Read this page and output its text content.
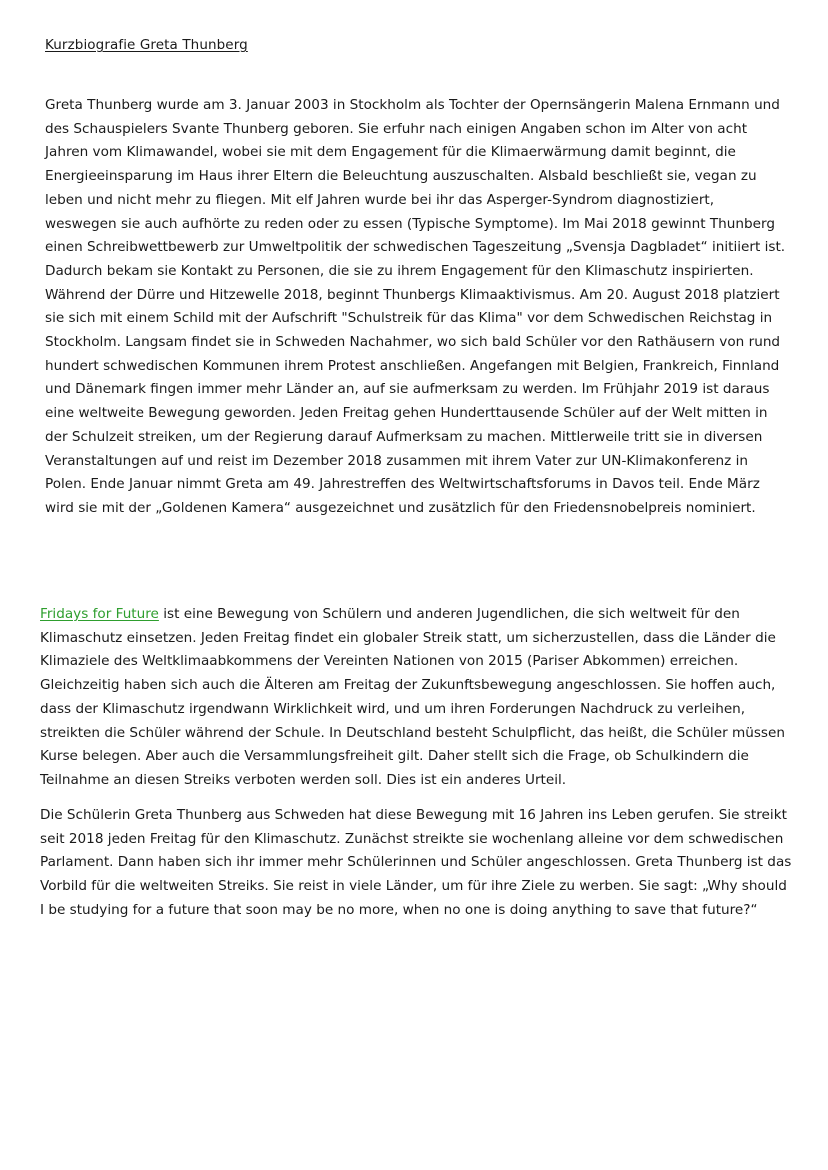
Kurzbiografie Greta Thunberg

Greta Thunberg wurde am 3. Januar 2003 in Stockholm als Tochter der Opernsängerin Malena Ernmann und des Schauspielers Svante Thunberg geboren. Sie erfuhr nach einigen Angaben schon im Alter von acht Jahren vom Klimawandel, wobei sie mit dem Engagement für die Klimaerwärmung damit beginnt, die Energieeinsparung im Haus ihrer Eltern die Beleuchtung auszuschalten. Alsbald beschließt sie, vegan zu leben und nicht mehr zu fliegen. Mit elf Jahren wurde bei ihr das Asperger-Syndrom diagnostiziert, weswegen sie auch aufhörte zu reden oder zu essen (Typische Symptome). Im Mai 2018 gewinnt Thunberg einen Schreibwettbewerb zur Umweltpolitik der schwedischen Tageszeitung „Svensja Dagbladet“ initiiert ist. Dadurch bekam sie Kontakt zu Personen, die sie zu ihrem Engagement für den Klimaschutz inspirierten. Während der Dürre und Hitzewelle 2018, beginnt Thunbergs Klimaaktivismus. Am 20. August 2018 platziert sie sich mit einem Schild mit der Aufschrift "Schulstreik für das Klima" vor dem Schwedischen Reichstag in Stockholm. Langsam findet sie in Schweden Nachahmer, wo sich bald Schüler vor den Rathäusern von rund hundert schwedischen Kommunen ihrem Protest anschließen. Angefangen mit Belgien, Frankreich, Finnland und Dänemark fingen immer mehr Länder an, auf sie aufmerksam zu werden. Im Frühjahr 2019 ist daraus eine weltweite Bewegung geworden. Jeden Freitag gehen Hunderttausende Schüler auf der Welt mitten in der Schulzeit streiken, um der Regierung darauf Aufmerksam zu machen. Mittlerweile tritt sie in diversen Veranstaltungen auf und reist im Dezember 2018 zusammen mit ihrem Vater zur UN-Klimakonferenz in Polen. Ende Januar nimmt Greta am 49. Jahrestreffen des Weltwirtschaftsforums in Davos teil. Ende März wird sie mit der „Goldenen Kamera“ ausgezeichnet und zusätzlich für den Friedensnobelpreis nominiert.

Fridays for Future ist eine Bewegung von Schülern und anderen Jugendlichen, die sich weltweit für den Klimaschutz einsetzen. Jeden Freitag findet ein globaler Streik statt, um sicherzustellen, dass die Länder die Klimaziele des Weltklimaabkommens der Vereinten Nationen von 2015 (Pariser Abkommen) erreichen. Gleichzeitig haben sich auch die Älteren am Freitag der Zukunftsbewegung angeschlossen. Sie hoffen auch, dass der Klimaschutz irgendwann Wirklichkeit wird, und um ihren Forderungen Nachdruck zu verleihen, streikten die Schüler während der Schule. In Deutschland besteht Schulpflicht, das heißt, die Schüler müssen Kurse belegen. Aber auch die Versammlungsfreiheit gilt. Daher stellt sich die Frage, ob Schulkindern die Teilnahme an diesen Streiks verboten werden soll. Dies ist ein anderes Urteil.

Die Schülerin Greta Thunberg aus Schweden hat diese Bewegung mit 16 Jahren ins Leben gerufen. Sie streikt seit 2018 jeden Freitag für den Klimaschutz. Zunächst streikte sie wochenlang alleine vor dem schwedischen Parlament. Dann haben sich ihr immer mehr Schülerinnen und Schüler angeschlossen. Greta Thunberg ist das Vorbild für die weltweiten Streiks. Sie reist in viele Länder, um für ihre Ziele zu werben. Sie sagt: „Why should I be studying for a future that soon may be no more, when no one is doing anything to save that future?“
